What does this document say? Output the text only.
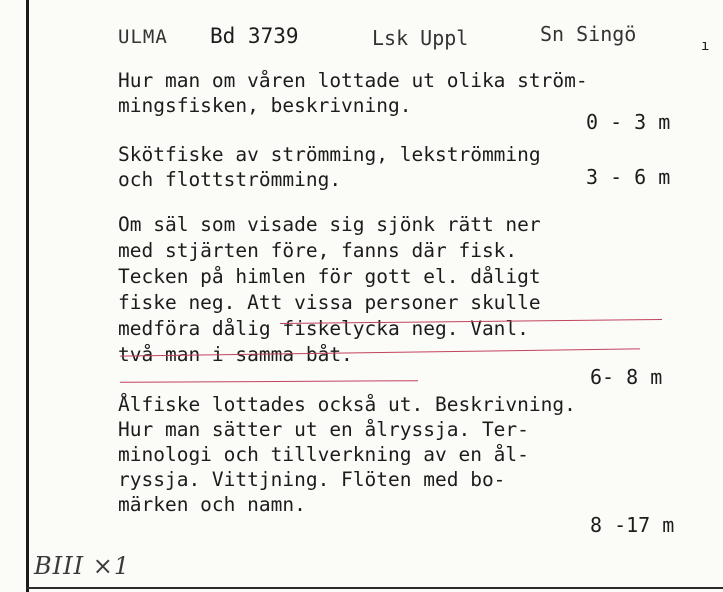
ULMA Bd 3739	Lsk Uppl	Sn Singö	ı
Hur man om våren lottade ut olika ström-
mingsfisken, beskrivning.
0 - 3 m
Skötfiske av strömming, lekströmming
och flottströmming.	3 - 6 m
Om säl som visade sig sjönk rätt ner
med stjärten före, fanns där fisk.
Tecken på himlen för gott el. dåligt
fiske neg. Att vissa personer skulle
medföra dålig fiskelycka neg. Vanl.
två man i samma båt.
6- 8 m
Ålfiske lottades också ut. Beskrivning.
Hur man sätter ut en ålryssja. Ter-
minologi och tillverkning av en ål-
ryssja. Vittjning. Flöten med bo-
märken och namn.
8 -17 m
BIII ×1
